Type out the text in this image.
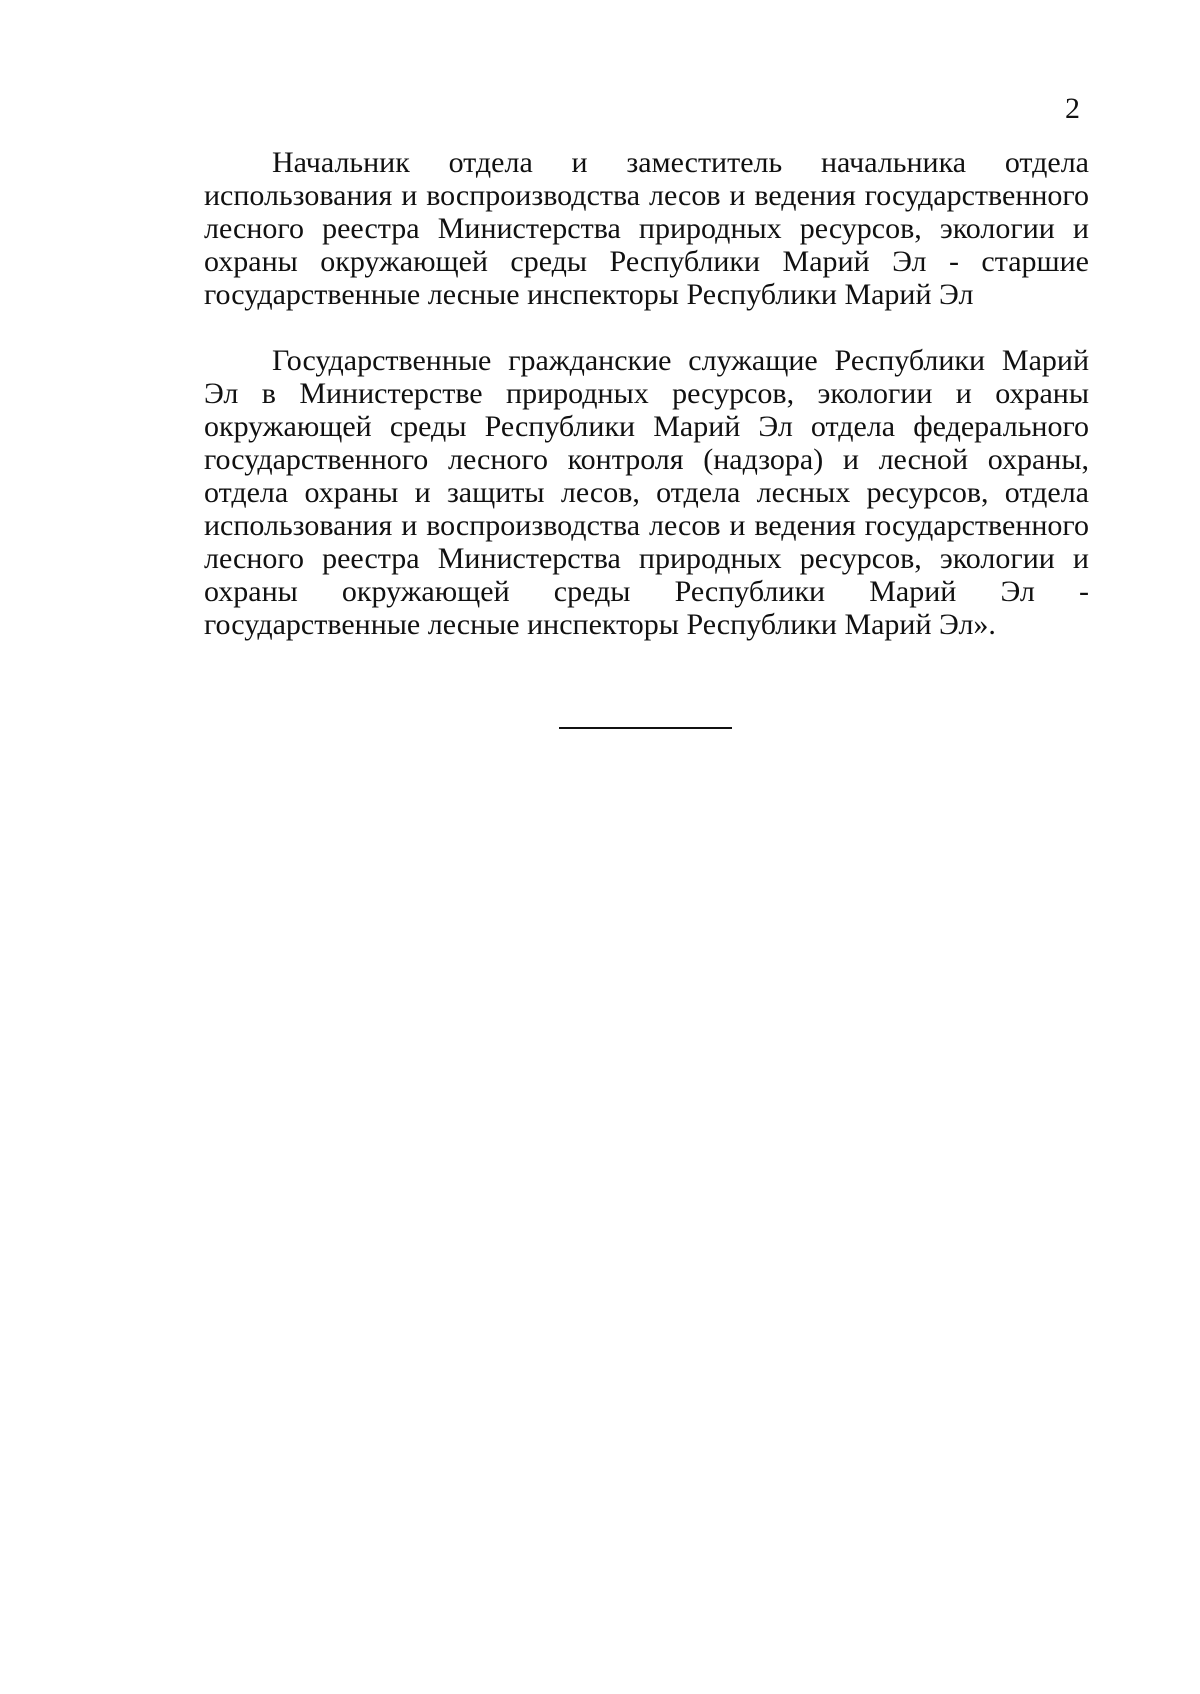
2

Начальник отдела и заместитель начальника отдела использования и воспроизводства лесов и ведения государственного лесного реестра Министерства природных ресурсов, экологии и охраны окружающей среды Республики Марий Эл - старшие государственные лесные инспекторы Республики Марий Эл

Государственные гражданские служащие Республики Марий Эл в Министерстве природных ресурсов, экологии и охраны окружающей среды Республики Марий Эл отдела федерального государственного лесного контроля (надзора) и лесной охраны, отдела охраны и защиты лесов, отдела лесных ресурсов, отдела использования и воспроизводства лесов и ведения государственного лесного реестра Министерства природных ресурсов, экологии и охраны окружающей среды Республики Марий Эл - государственные лесные инспекторы Республики Марий Эл».
